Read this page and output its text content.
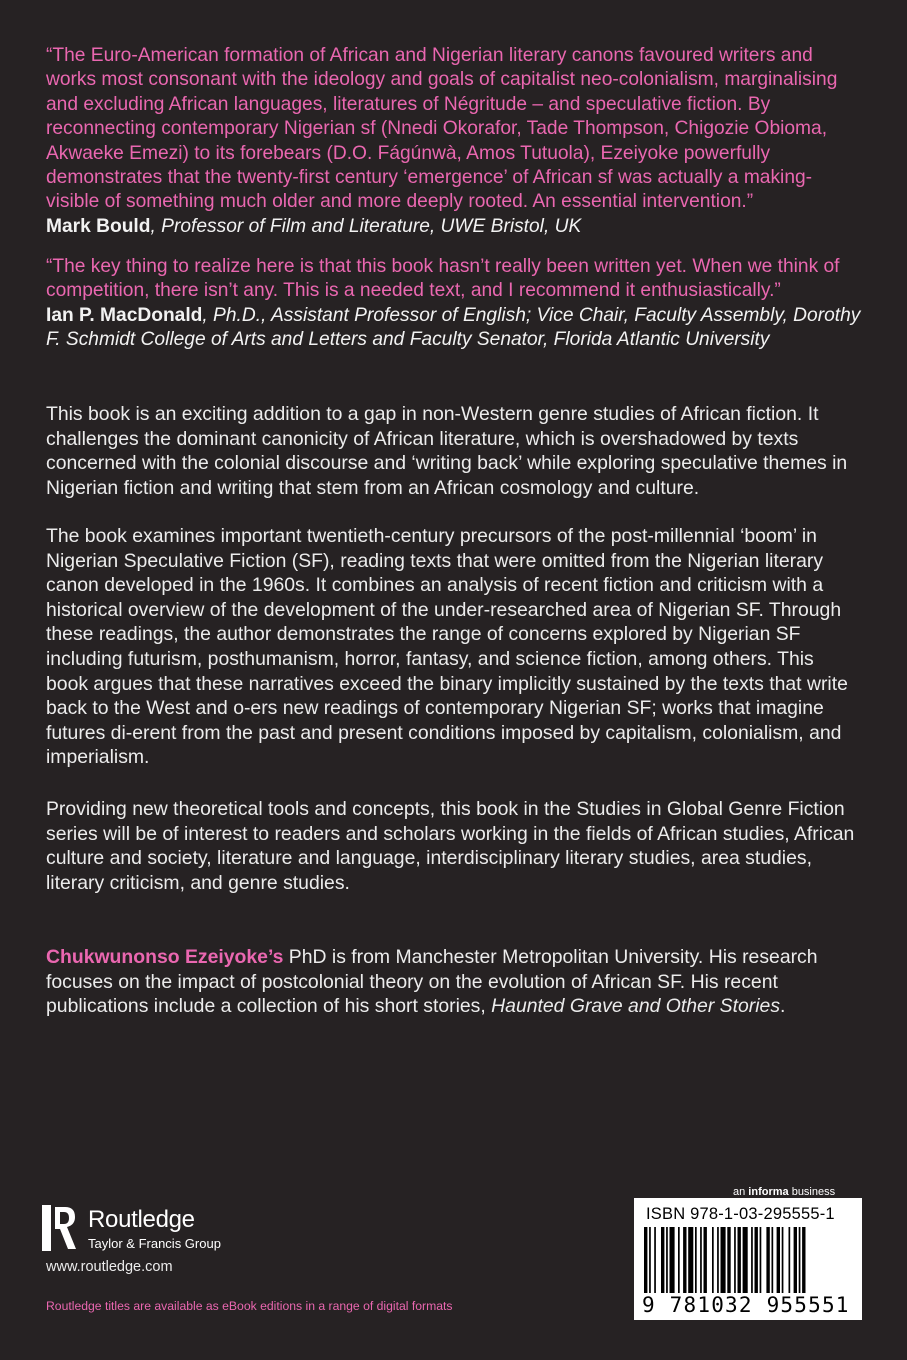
“The Euro-American formation of African and Nigerian literary canons favoured writers and works most consonant with the ideology and goals of capitalist neo-colonialism, marginalising and excluding African languages, literatures of Négritude – and speculative fiction. By reconnecting contemporary Nigerian sf (Nnedi Okorafor, Tade Thompson, Chigozie Obioma, Akwaeke Emezi) to its forebears (D.O. Fágúnwà, Amos Tutuola), Ezeiyoke powerfully demonstrates that the twenty-first century ‘emergence’ of African sf was actually a making-visible of something much older and more deeply rooted. An essential intervention.”
Mark Bould, Professor of Film and Literature, UWE Bristol, UK
“The key thing to realize here is that this book hasn’t really been written yet. When we think of competition, there isn’t any. This is a needed text, and I recommend it enthusiastically.”
Ian P. MacDonald, Ph.D., Assistant Professor of English; Vice Chair, Faculty Assembly, Dorothy F. Schmidt College of Arts and Letters and Faculty Senator, Florida Atlantic University

This book is an exciting addition to a gap in non-Western genre studies of African fiction. It challenges the dominant canonicity of African literature, which is overshadowed by texts concerned with the colonial discourse and ‘writing back’ while exploring speculative themes in Nigerian fiction and writing that stem from an African cosmology and culture.

The book examines important twentieth-century precursors of the post-millennial ‘boom’ in Nigerian Speculative Fiction (SF), reading texts that were omitted from the Nigerian literary canon developed in the 1960s. It combines an analysis of recent fiction and criticism with a historical overview of the development of the under-researched area of Nigerian SF. Through these readings, the author demonstrates the range of concerns explored by Nigerian SF including futurism, posthumanism, horror, fantasy, and science fiction, among others. This book argues that these narratives exceed the binary implicitly sustained by the texts that write back to the West and o-ers new readings of contemporary Nigerian SF; works that imagine futures di-erent from the past and present conditions imposed by capitalism, colonialism, and imperialism.

Providing new theoretical tools and concepts, this book in the Studies in Global Genre Fiction series will be of interest to readers and scholars working in the fields of African studies, African culture and society, literature and language, interdisciplinary literary studies, area studies, literary criticism, and genre studies.

Chukwunonso Ezeiyoke’s PhD is from Manchester Metropolitan University. His research focuses on the impact of postcolonial theory on the evolution of African SF. His recent publications include a collection of his short stories, Haunted Grave and Other Stories.

Routledge
Taylor & Francis Group
www.routledge.com
Routledge titles are available as eBook editions in a range of digital formats
an informa business
ISBN 978-1-03-295555-1
9 781032 955551
